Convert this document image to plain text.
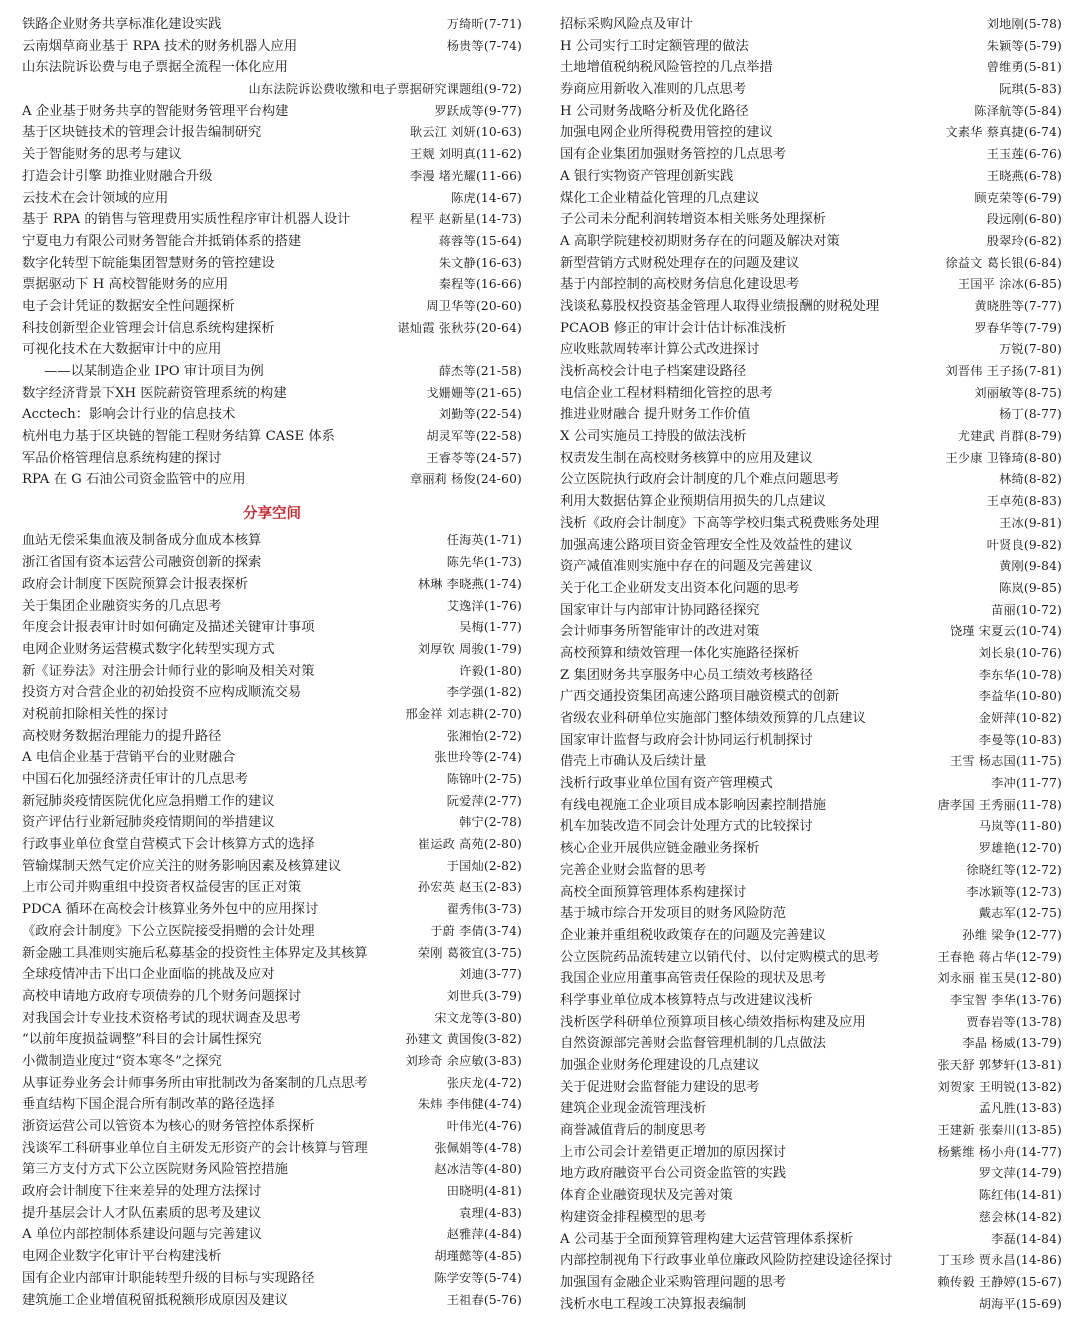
铁路企业财务共享标准化建设实践	万绮昕(7-71)
云南烟草商业基于 RPA 技术的财务机器人应用	杨贵等(7-74)
山东法院诉讼费与电子票据全流程一体化应用
山东法院诉讼费收缴和电子票据研究课题组(9-72)
A 企业基于财务共享的智能财务管理平台构建	罗跃成等(9-77)
基于区块链技术的管理会计报告编制研究	耿云江 刘妍(10-63)
关于智能财务的思考与建议	王觌 刘明真(11-62)
打造会计引擎 助推业财融合升级	李漫 堵光耀(11-66)
云技术在会计领域的应用	陈虎(14-67)
基于 RPA 的销售与管理费用实质性程序审计机器人设计	程平 赵新星(14-73)
宁夏电力有限公司财务智能合并抵销体系的搭建	蒋蓉等(15-64)
数字化转型下皖能集团智慧财务的管控建设	朱文静(16-63)
票据驱动下 H 高校智能财务的应用	秦程等(16-66)
电子会计凭证的数据安全性问题探析	周卫华等(20-60)
科技创新型企业管理会计信息系统构建探析	谌灿霞 张秋芬(20-64)
可视化技术在大数据审计中的应用
——以某制造企业 IPO 审计项目为例	薛杰等(21-58)
数字经济背景下XH 医院薪资管理系统的构建	戈姗姗等(21-65)
Acctech：影响会计行业的信息技术	刘勤等(22-54)
杭州电力基于区块链的智能工程财务结算 CASE 体系	胡灵军等(22-58)
军品价格管理信息系统构建的探讨	王睿苓等(24-57)
RPA 在 G 石油公司资金监管中的应用	章丽莉 杨俊(24-60)
分享空间
血站无偿采集血液及制备成分血成本核算	任海英(1-71)
浙江省国有资本运营公司融资创新的探索	陈先华(1-73)
政府会计制度下医院预算会计报表探析	林琳 李晓燕(1-74)
关于集团企业融资实务的几点思考	艾逸洋(1-76)
年度会计报表审计时如何确定及描述关键审计事项	吴梅(1-77)
电网企业财务运营模式数字化转型实现方式	刘厚钦 周骏(1-79)
新《证券法》对注册会计师行业的影响及相关对策	许毅(1-80)
投资方对合营企业的初始投资不应构成顺流交易	李学强(1-82)
对税前扣除相关性的探讨	邢金祥 刘志耕(2-70)
高校财务数据治理能力的提升路径	张湘怡(2-72)
A 电信企业基于营销平台的业财融合	张世玲等(2-74)
中国石化加强经济责任审计的几点思考	陈锦叶(2-75)
新冠肺炎疫情医院优化应急捐赠工作的建议	阮爱萍(2-77)
资产评估行业新冠肺炎疫情期间的举措建议	韩宁(2-78)
行政事业单位食堂自营模式下会计核算方式的选择	崔运政 高苑(2-80)
管输煤制天然气定价应关注的财务影响因素及核算建议	于国灿(2-82)
上市公司并购重组中投资者权益侵害的匡正对策	孙宏英 赵玉(2-83)
PDCA 循环在高校会计核算业务外包中的应用探讨	翟秀伟(3-73)
《政府会计制度》下公立医院接受捐赠的会计处理	于蔚 李倩(3-74)
新金融工具准则实施后私募基金的投资性主体界定及其核算	荣刚 葛筱宜(3-75)
全球疫情冲击下出口企业面临的挑战及应对	刘迪(3-77)
高校申请地方政府专项债券的几个财务问题探讨	刘世兵(3-79)
对我国会计专业技术资格考试的现状调查及思考	宋文龙等(3-80)
“以前年度损益调整”科目的会计属性探究	孙建文 黄国俊(3-82)
小微制造业度过“资本寒冬”之探究	刘珍奇 余应敏(3-83)
从事证券业务会计师事务所由审批制改为备案制的几点思考	张庆龙(4-72)
垂直结构下国企混合所有制改革的路径选择	朱炜 李伟健(4-74)
浙资运营公司以管资本为核心的财务管控体系探析	叶伟光(4-76)
浅谈军工科研事业单位自主研发无形资产的会计核算与管理	张佩娟等(4-78)
第三方支付方式下公立医院财务风险管控措施	赵冰洁等(4-80)
政府会计制度下往来差异的处理方法探讨	田晓明(4-81)
提升基层会计人才队伍素质的思考及建议	袁理(4-83)
A 单位内部控制体系建设问题与完善建议	赵雅萍(4-84)
电网企业数字化审计平台构建浅析	胡瑾懿等(4-85)
国有企业内部审计职能转型升级的目标与实现路径	陈学安等(5-74)
建筑施工企业增值税留抵税额形成原因及建议	王祖春(5-76)
招标采购风险点及审计	刘地刚(5-78)
H 公司实行工时定额管理的做法	朱颖等(5-79)
土地增值税纳税风险管控的几点举措	曾维勇(5-81)
券商应用新收入准则的几点思考	阮琪(5-83)
H 公司财务战略分析及优化路径	陈泽航等(5-84)
加强电网企业所得税费用管控的建议	文素华 蔡真捷(6-74)
国有企业集团加强财务管控的几点思考	王玉莲(6-76)
A 银行实物资产管理创新实践	王晓燕(6-78)
煤化工企业精益化管理的几点建议	顾克荣等(6-79)
子公司未分配利润转增资本相关账务处理探析	段远刚(6-80)
A 高职学院建校初期财务存在的问题及解决对策	殷翠玲(6-82)
新型营销方式财税处理存在的问题及建议	徐益文 葛长银(6-84)
基于内部控制的高校财务信息化建设思考	王国平 涂冰(6-85)
浅谈私募股权投资基金管理人取得业绩报酬的财税处理	黄晓胜等(7-77)
PCAOB 修正的审计会计估计标准浅析	罗春华等(7-79)
应收账款周转率计算公式改进探讨	万锐(7-80)
浅析高校会计电子档案建设路径	刘晋伟 王子扬(7-81)
电信企业工程材料精细化管控的思考	刘丽敏等(8-75)
推进业财融合 提升财务工作价值	杨丁(8-77)
X 公司实施员工持股的做法浅析	尤建武 肖群(8-79)
权责发生制在高校财务核算中的应用及建议	王少康 卫锋琦(8-80)
公立医院执行政府会计制度的几个难点问题思考	林绮(8-82)
利用大数据估算企业预期信用损失的几点建议	王卓苑(8-83)
浅析《政府会计制度》下高等学校归集式税费账务处理	王冰(9-81)
加强高速公路项目资金管理安全性及效益性的建议	叶贤良(9-82)
资产减值准则实施中存在的问题及完善建议	黄刚(9-84)
关于化工企业研发支出资本化问题的思考	陈岚(9-85)
国家审计与内部审计协同路径探究	苗丽(10-72)
会计师事务所智能审计的改进对策	饶瑾 宋夏云(10-74)
高校预算和绩效管理一体化实施路径探析	刘长泉(10-76)
Z 集团财务共享服务中心员工绩效考核路径	李东华(10-78)
广西交通投资集团高速公路项目融资模式的创新	李益华(10-80)
省级农业科研单位实施部门整体绩效预算的几点建议	金妍萍(10-82)
国家审计监督与政府会计协同运行机制探讨	李曼等(10-83)
借壳上市确认及后续计量	王雪 杨志国(11-75)
浅析行政事业单位国有资产管理模式	李冲(11-77)
有线电视施工企业项目成本影响因素控制措施	唐孝国 王秀丽(11-78)
机车加装改造不同会计处理方式的比较探讨	马岚等(11-80)
核心企业开展供应链金融业务探析	罗雄艳(12-70)
完善企业财会监督的思考	徐晓红等(12-72)
高校全面预算管理体系构建探讨	李冰颖等(12-73)
基于城市综合开发项目的财务风险防范	戴志军(12-75)
企业兼并重组税收政策存在的问题及完善建议	孙维 梁争(12-77)
公立医院药品流转建立以销代付、以付定购模式的思考	王春艳 蒋占华(12-79)
我国企业应用董事高管责任保险的现状及思考	刘永丽 崔玉昊(12-80)
科学事业单位成本核算特点与改进建议浅析	李宝智 李华(13-76)
浅析医学科研单位预算项目核心绩效指标构建及应用	贾春岩等(13-78)
自然资源部完善财会监督管理机制的几点做法	李晶 杨威(13-79)
加强企业财务伦理建设的几点建议	张天舒 郭梦轩(13-81)
关于促进财会监督能力建设的思考	刘贺家 王明锐(13-82)
建筑企业现金流管理浅析	孟凡胜(13-83)
商誉减值背后的制度思考	王建新 张秦川(13-85)
上市公司会计差错更正增加的原因探讨	杨紫维 杨小舟(14-77)
地方政府融资平台公司资金监管的实践	罗文萍(14-79)
体育企业融资现状及完善对策	陈红伟(14-81)
构建资金排程模型的思考	慈会林(14-82)
A 公司基于全面预算管理构建大运营管理体系探析	李磊(14-84)
内部控制视角下行政事业单位廉政风险防控建设途径探讨	丁玉珍 贾永昌(14-86)
加强国有金融企业采购管理问题的思考	赖传毅 王静婷(15-67)
浅析水电工程竣工决算报表编制	胡海平(15-69)
